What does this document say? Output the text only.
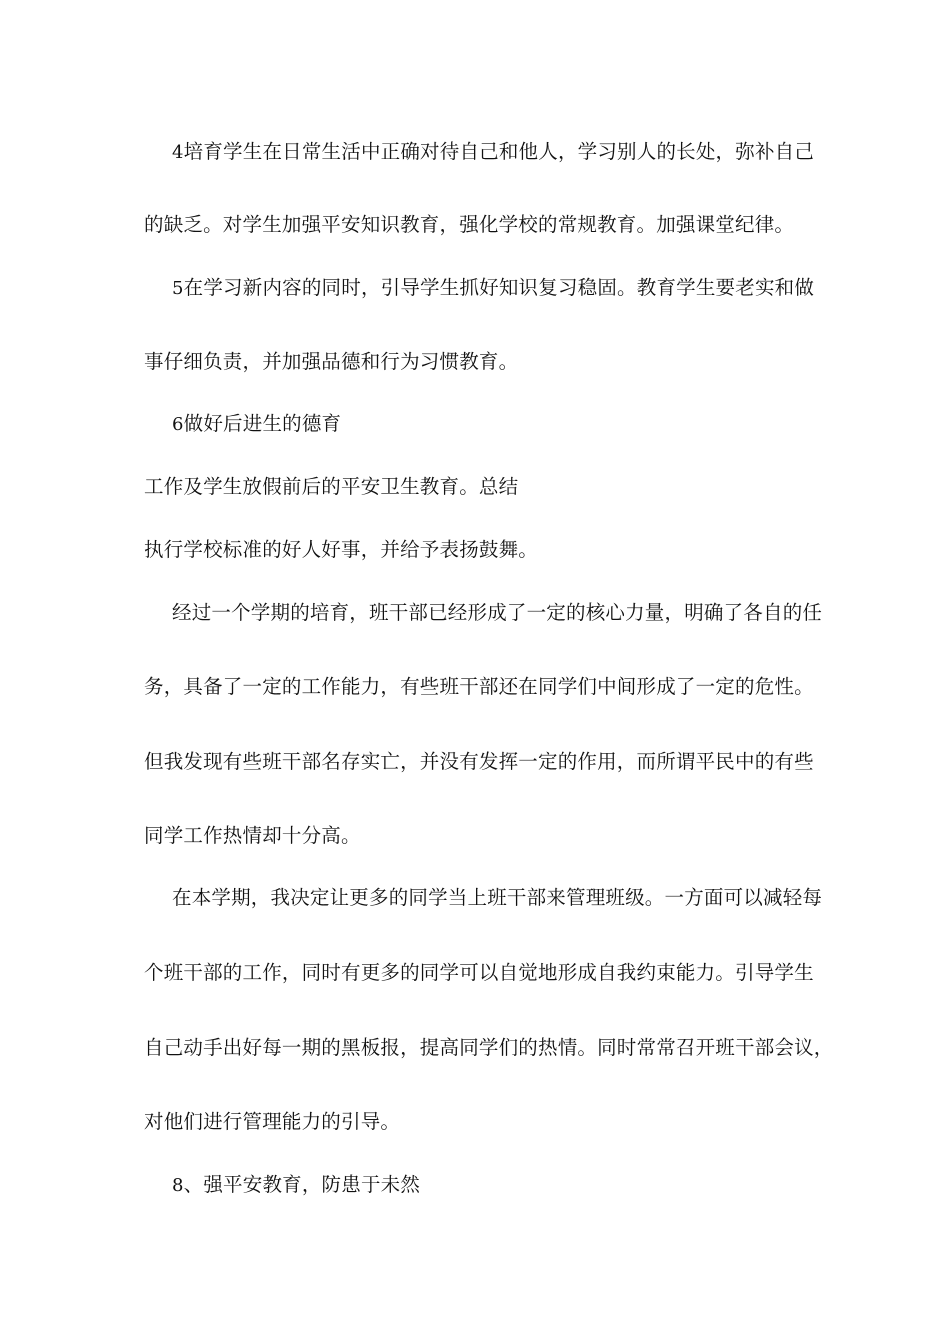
4培育学生在日常生活中正确对待自己和他人，学习别人的长处，弥补自己
的缺乏。对学生加强平安知识教育，强化学校的常规教育。加强课堂纪律。
5在学习新内容的同时，引导学生抓好知识复习稳固。教育学生要老实和做
事仔细负责，并加强品德和行为习惯教育。
6做好后进生的德育
工作及学生放假前后的平安卫生教育。总结
执行学校标准的好人好事，并给予表扬鼓舞。
经过一个学期的培育，班干部已经形成了一定的核心力量，明确了各自的任
务，具备了一定的工作能力，有些班干部还在同学们中间形成了一定的危性。
但我发现有些班干部名存实亡，并没有发挥一定的作用，而所谓平民中的有些
同学工作热情却十分高。
在本学期，我决定让更多的同学当上班干部来管理班级。一方面可以减轻每
个班干部的工作，同时有更多的同学可以自觉地形成自我约束能力。引导学生
自己动手出好每一期的黑板报，提高同学们的热情。同时常常召开班干部会议，
对他们进行管理能力的引导。
8、强平安教育，防患于未然
